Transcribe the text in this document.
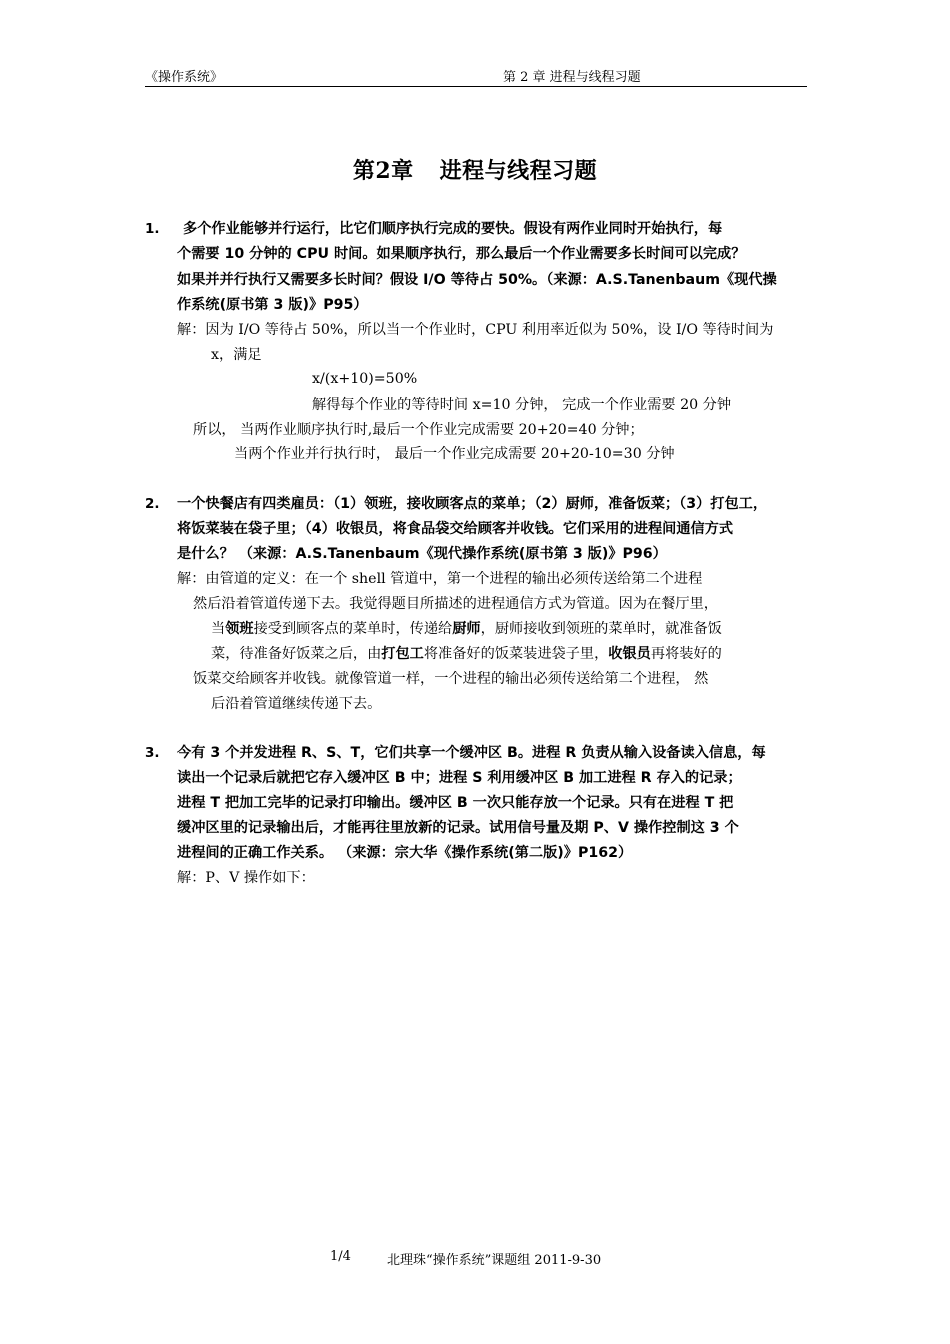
《操作系统》	第 2 章 进程与线程习题
第2章 进程与线程习题
1. 多个作业能够并行运行，比它们顺序执行完成的要快。假设有两作业同时开始执行，每
个需要 10 分钟的 CPU 时间。如果顺序执行，那么最后一个作业需要多长时间可以完成？
如果并并行执行又需要多长时间？假设 I/O 等待占 50%。（来源：A.S.Tanenbaum《现代操
作系统(原书第 3 版)》P95）
解：因为 I/O 等待占 50%，所以当一个作业时，CPU 利用率近似为 50%，设 I/O 等待时间为
x，满足
x/(x+10)=50%
解得每个作业的等待时间 x=10 分钟， 完成一个作业需要 20 分钟
所以， 当两作业顺序执行时,最后一个作业完成需要 20+20=40 分钟；
当两个作业并行执行时， 最后一个作业完成需要 20+20-10=30 分钟
2. 一个快餐店有四类雇员：（1）领班，接收顾客点的菜单；（2）厨师，准备饭菜；（3）打包工，
将饭菜装在袋子里；（4）收银员，将食品袋交给顾客并收钱。它们采用的进程间通信方式
是什么？ （来源：A.S.Tanenbaum《现代操作系统(原书第 3 版)》P96）
解：由管道的定义：在一个 shell 管道中，第一个进程的输出必须传送给第二个进程
然后沿着管道传递下去。我觉得题目所描述的进程通信方式为管道。因为在餐厅里，
当领班接受到顾客点的菜单时，传递给厨师，厨师接收到领班的菜单时，就准备饭
菜，待准备好饭菜之后，由打包工将准备好的饭菜装进袋子里，收银员再将装好的
饭菜交给顾客并收钱。就像管道一样，一个进程的输出必须传送给第二个进程， 然
后沿着管道继续传递下去。
3. 今有 3 个并发进程 R、S、T，它们共享一个缓冲区 B。进程 R 负责从输入设备读入信息，每
读出一个记录后就把它存入缓冲区 B 中；进程 S 利用缓冲区 B 加工进程 R 存入的记录；
进程 T 把加工完毕的记录打印输出。缓冲区 B 一次只能存放一个记录。只有在进程 T 把
缓冲区里的记录输出后，才能再往里放新的记录。试用信号量及期 P、V 操作控制这 3 个
进程间的正确工作关系。 （来源：宗大华《操作系统(第二版)》P162）
解：P、V 操作如下：
1/4	北理珠“操作系统”课题组 2011-9-30
